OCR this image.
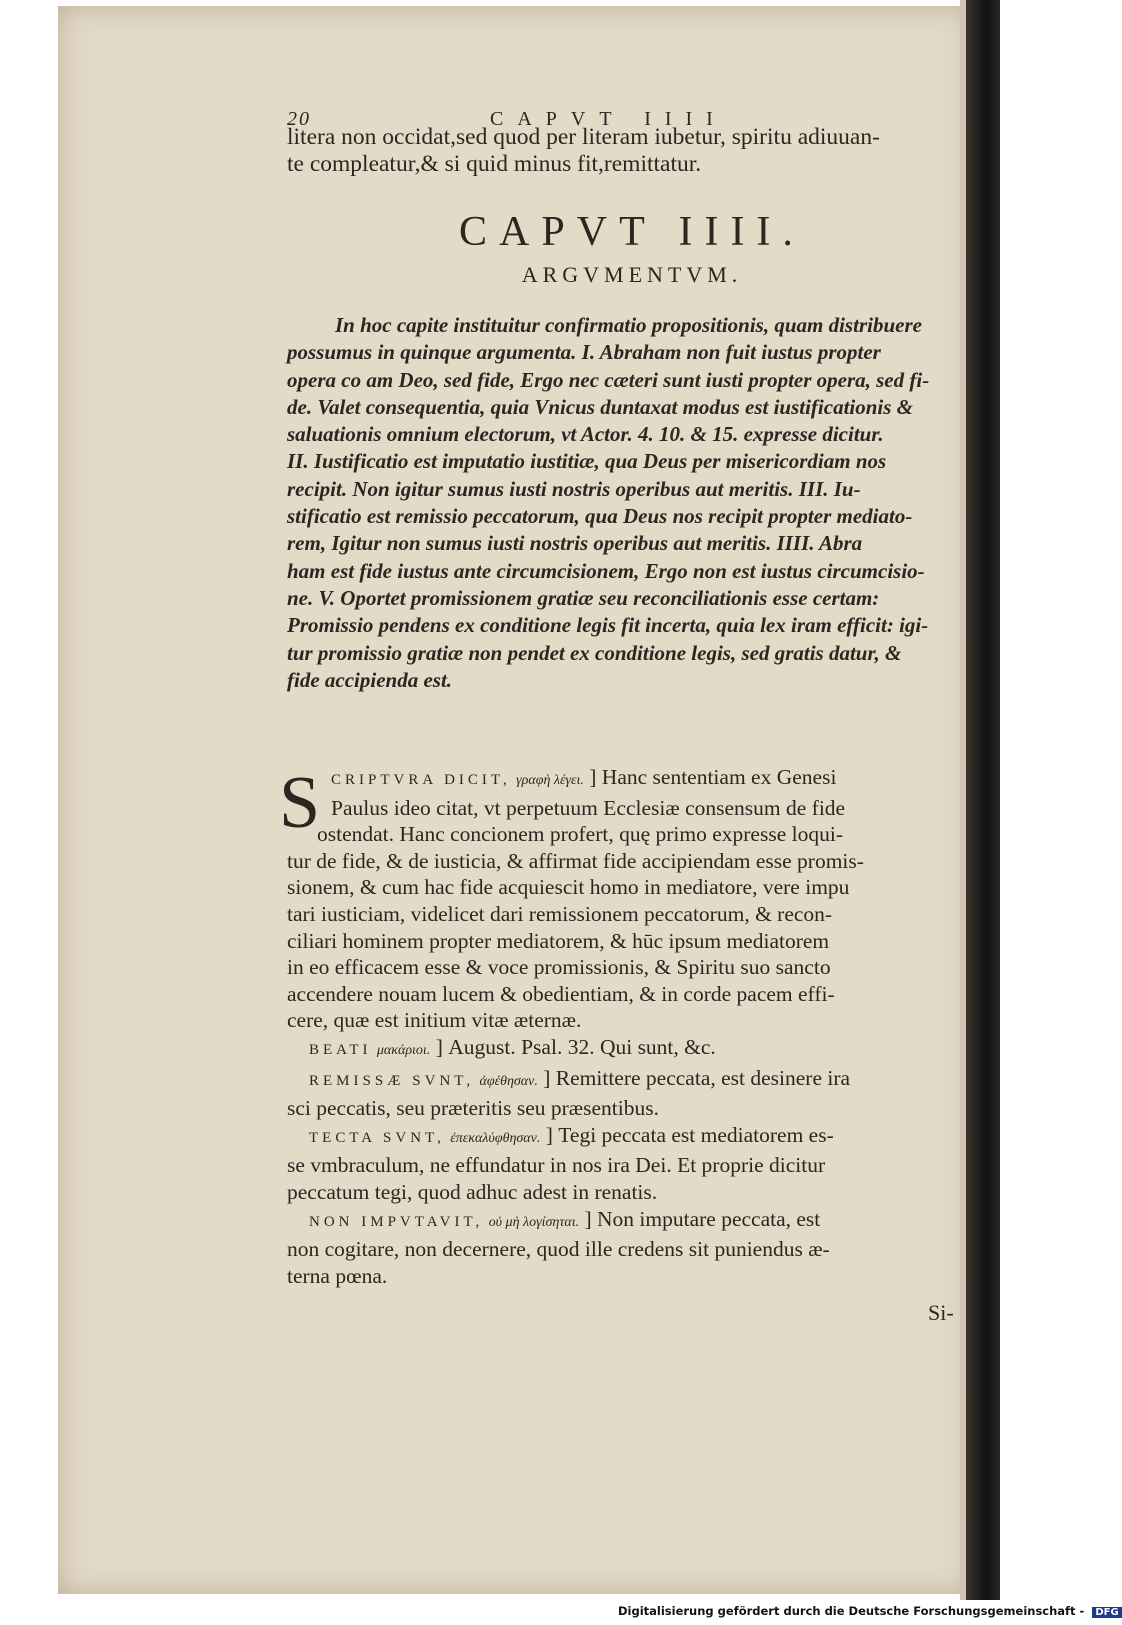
20	CAPVT IIII
litera non occidat,sed quod per literam iubetur, spiritu adiuuan-
te compleatur,& si quid minus fit,remittatur.
CAPVT IIII.
ARGVMENTVM.
In hoc capite instituitur confirmatio propositionis, quam distribuere
possumus in quinque argumenta. I. Abraham non fuit iustus propter
opera co am Deo, sed fide, Ergo nec cæteri sunt iusti propter opera, sed fi-
de. Valet consequentia, quia Vnicus duntaxat modus est iustificationis &
saluationis omnium electorum, vt Actor. 4. 10. & 15. expresse dicitur.
II. Iustificatio est imputatio iustitiæ, qua Deus per misericordiam nos
recipit. Non igitur sumus iusti nostris operibus aut meritis. III. Iu-
stificatio est remissio peccatorum, qua Deus nos recipit propter mediato-
rem, Igitur non sumus iusti nostris operibus aut meritis. IIII. Abra
ham est fide iustus ante circumcisionem, Ergo non est iustus circumcisio-
ne. V. Oportet promissionem gratiæ seu reconciliationis esse certam:
Promissio pendens ex conditione legis fit incerta, quia lex iram efficit: igi-
tur promissio gratiæ non pendet ex conditione legis, sed gratis datur, &
fide accipienda est.
S CRIPTVRA DICIT, γραφὴ λέγει. ] Hanc sententiam ex Genesi
Paulus ideo citat, vt perpetuum Ecclesiæ consensum de fide
ostendat. Hanc concionem profert, quę primo expresse loqui-
tur de fide, & de iusticia, & affirmat fide accipiendam esse promis-
sionem, & cum hac fide acquiescit homo in mediatore, vere impu
tari iusticiam, videlicet dari remissionem peccatorum, & recon-
ciliari hominem propter mediatorem, & hūc ipsum mediatorem
in eo efficacem esse & voce promissionis, & Spiritu suo sancto
accendere nouam lucem & obedientiam, & in corde pacem effi-
cere, quæ est initium vitæ æternæ.
BEATI μακάριοι. ] August. Psal. 32. Qui sunt, &c.
REMISSÆ SVNT, ἀφέθησαν. ] Remittere peccata, est desinere ira
sci peccatis, seu præteritis seu præsentibus.
TECTA SVNT, ἐπεκαλύφθησαν. ] Tegi peccata est mediatorem es-
se vmbraculum, ne effundatur in nos ira Dei. Et proprie dicitur
peccatum tegi, quod adhuc adest in renatis.
NON IMPVTAVIT, οὐ μὴ λογίσηται. ] Non imputare peccata, est
non cogitare, non decernere, quod ille credens sit puniendus æ-
terna pœna.
Si-
Digitalisierung gefördert durch die Deutsche Forschungsgemeinschaft - DFG
